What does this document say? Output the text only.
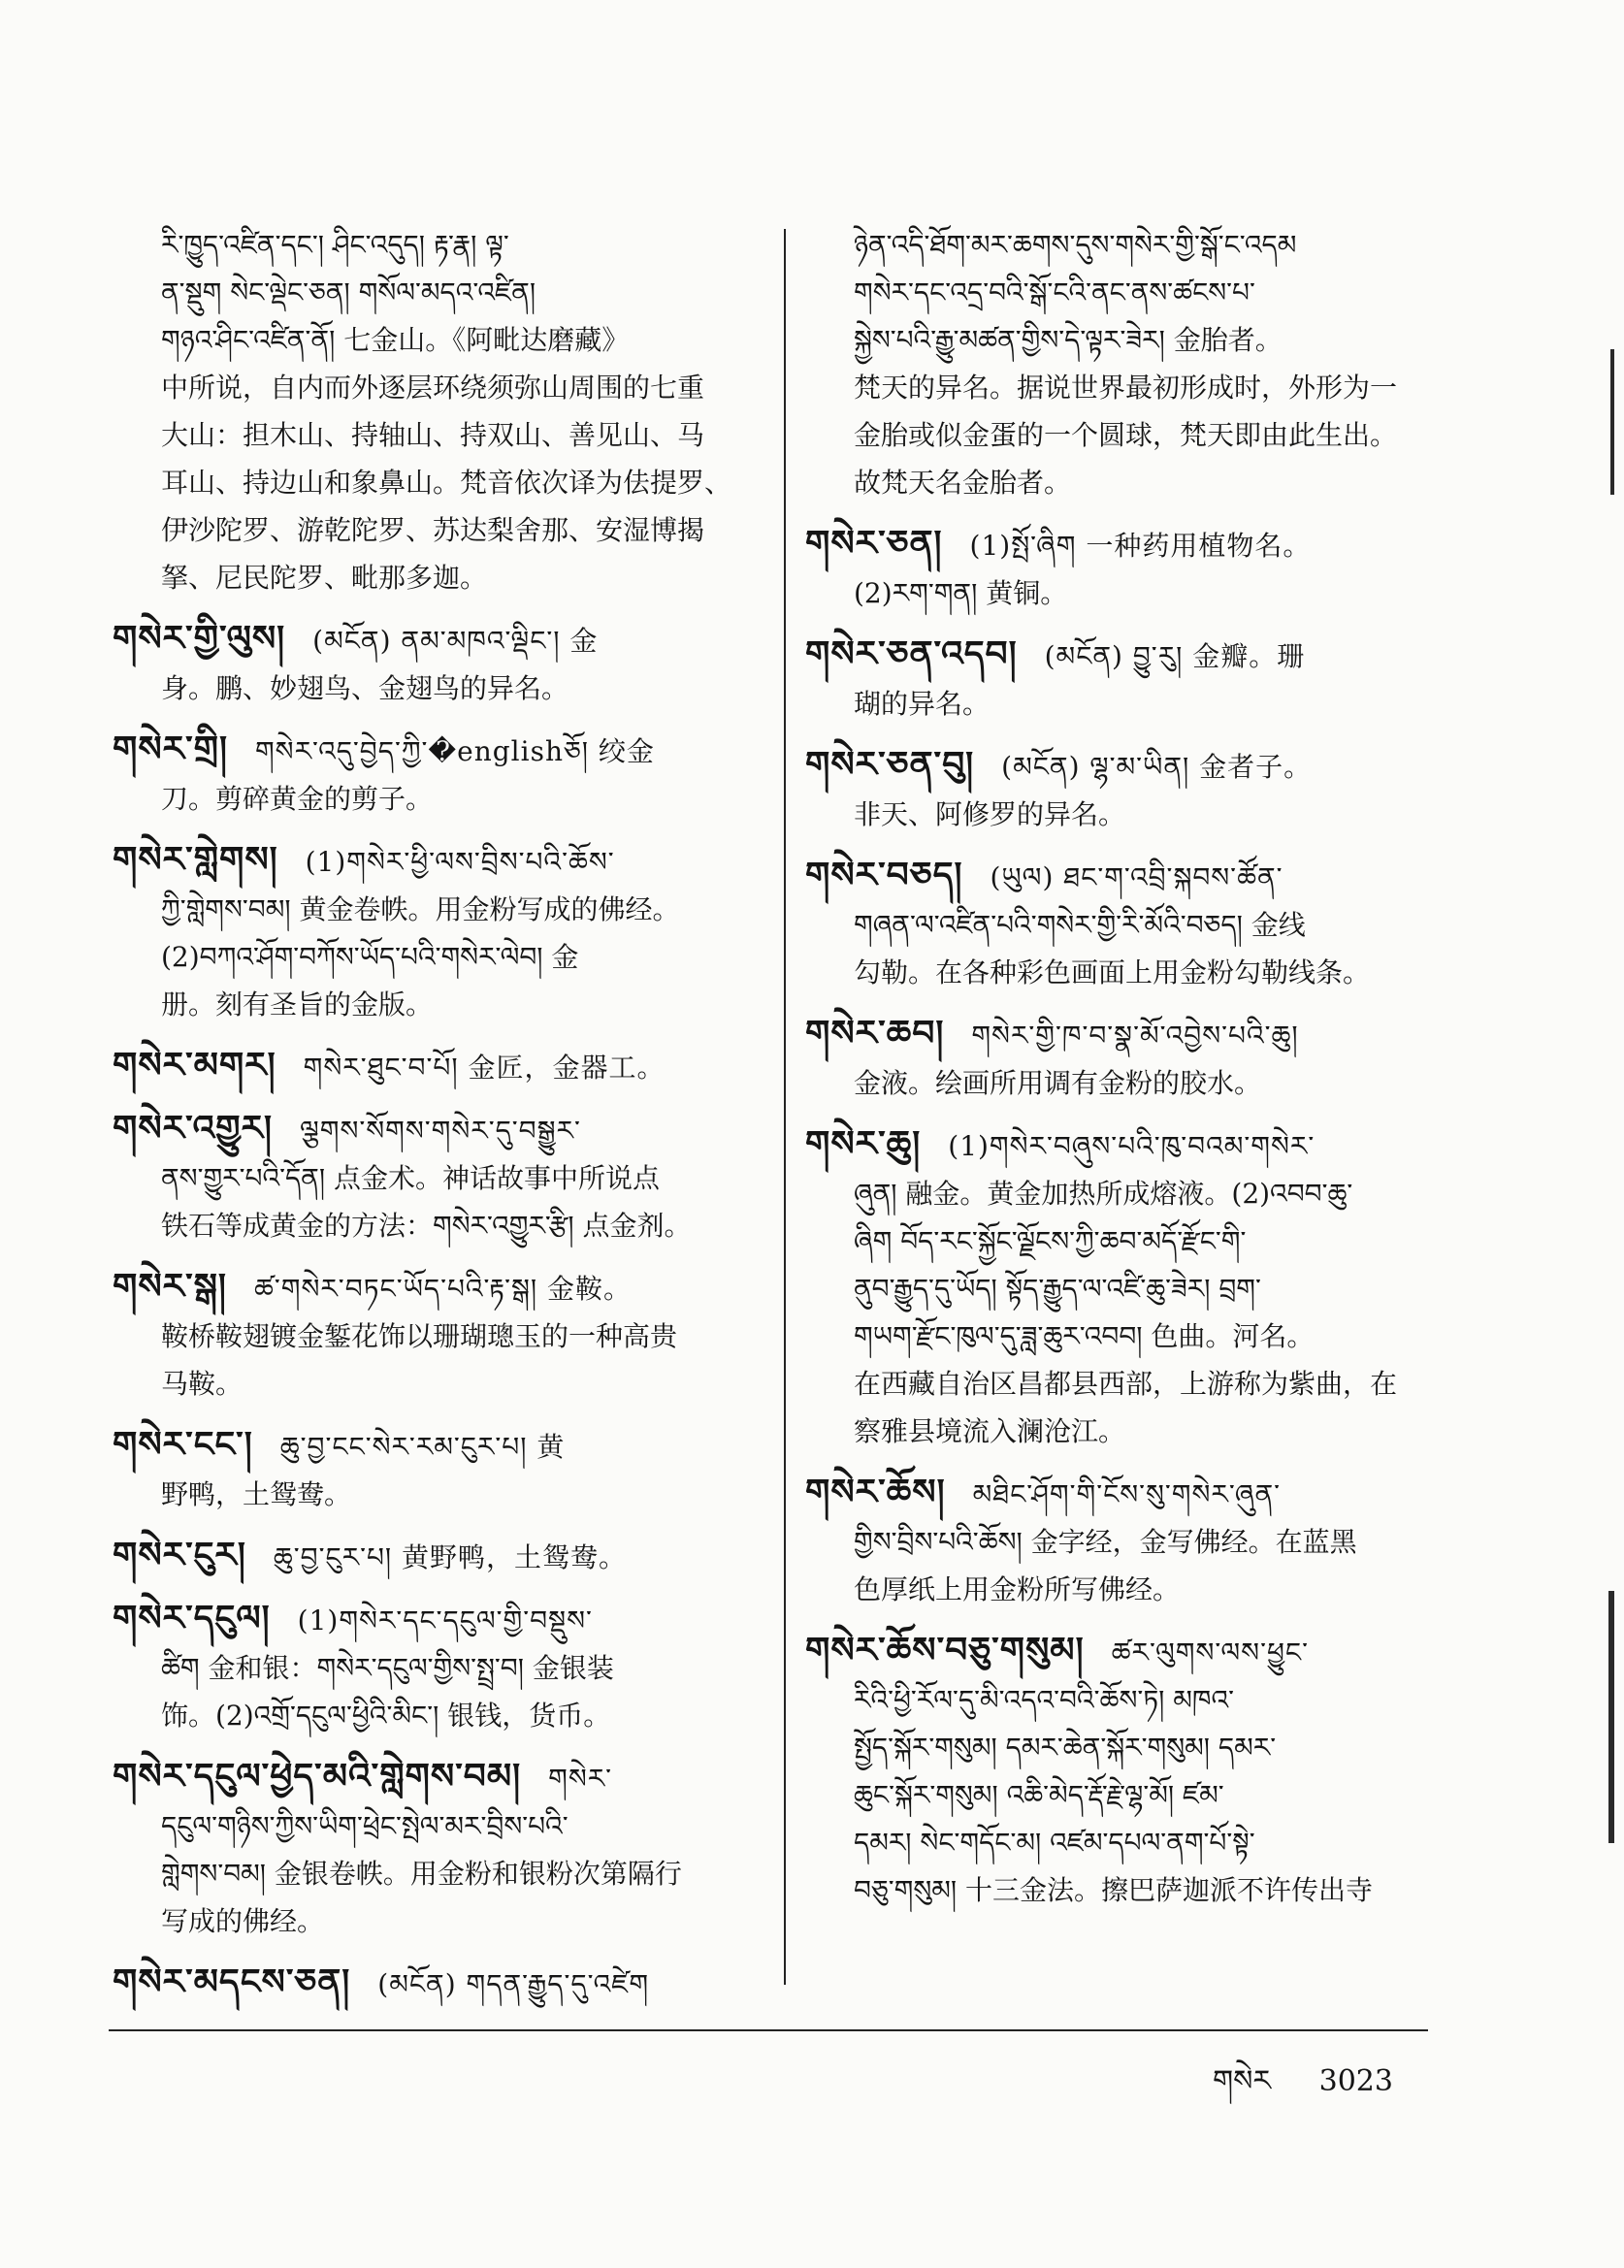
རི་ཁྱུད་འཛིན་དང་། ཤིང་འདུད། རྟ་རྣ། ལྟ་
ན་སྡུག སེང་ལྡེང་ཅན། གསོལ་མདའ་འཛིན།
གཉའ་ཤིང་འཛིན་ནོ། 七金山。《阿毗达磨藏》
中所说，自内而外逐层环绕须弥山周围的七重
大山：担木山、持轴山、持双山、善见山、马
耳山、持边山和象鼻山。梵音依次译为佉提罗、
伊沙陀罗、游乾陀罗、苏达梨舍那、安湿博揭
拏、尼民陀罗、毗那多迦。
གསེར་གྱི་ལུས།  (མངོན) ནམ་མཁའ་ལྡིང་། 金
身。鹏、妙翅鸟、金翅鸟的异名。
གསེར་གྲི།  གསེར་འདུ་བྱེད་ཀྱི་�englishཅོ། 绞金
刀。剪碎黄金的剪子。
གསེར་གླེགས།  (1)གསེར་ཕྱི་ལས་བྲིས་པའི་ཆོས་
ཀྱི་གླེགས་བམ། 黄金卷帙。用金粉写成的佛经。
(2)བཀའ་ཤོག་བཀོས་ཡོད་པའི་གསེར་ལེབ། 金
册。刻有圣旨的金版。
གསེར་མགར།  གསེར་ཐུང་བ་པོ། 金匠，金器工。
གསེར་འགྱུར།  ལྕགས་སོགས་གསེར་དུ་བསྒྱུར་
ནས་གྱུར་པའི་དོན། 点金术。神话故事中所说点
铁石等成黄金的方法：གསེར་འགྱུར་རྩི། 点金剂。
གསེར་སྒ།  ཚ་གསེར་བཏང་ཡོད་པའི་རྟ་སྒ། 金鞍。
鞍桥鞍翅镀金錾花饰以珊瑚璁玉的一种高贵
马鞍。
གསེར་ངང་།  ཆུ་བྱ་ངང་སེར་རམ་ངུར་པ། 黄
野鸭，土鸳鸯。
གསེར་ངུར།  ཆུ་བྱ་ངུར་པ། 黄野鸭，土鸳鸯。
གསེར་དངུལ།  (1)གསེར་དང་དངུལ་གྱི་བསྡུས་
ཚིག 金和银：གསེར་དངུལ་གྱིས་སྤྲ་བ། 金银装
饰。(2)འགྲོ་དངུལ་ཕྱིའི་མིང་། 银钱，货币。
གསེར་དངུལ་ཕྱེད་མའི་གླེགས་བམ།  གསེར་
དངུལ་གཉིས་ཀྱིས་ཡིག་ཕྲེང་སྤེལ་མར་བྲིས་པའི་
གླེགས་བམ། 金银卷帙。用金粉和银粉次第隔行
写成的佛经。
གསེར་མདངས་ཅན།  (མངོན) གདན་རྒྱུད་དུ་འཛེག
ཉེན་འདི་ཐོག་མར་ཆགས་དུས་གསེར་གྱི་སྒོ་ང་འདམ
གསེར་དང་འདྲ་བའི་སྒོ་ངའི་ནང་ནས་ཚངས་པ་
སྐྱེས་པའི་རྒྱུ་མཚན་གྱིས་དེ་ལྟར་ཟེར། 金胎者。
梵天的异名。据说世界最初形成时，外形为一
金胎或似金蛋的一个圆球，梵天即由此生出。
故梵天名金胎者。
གསེར་ཅན།  (1)སྤོ་ཞིག 一种药用植物名。
(2)རག་གན། 黄铜。
གསེར་ཅན་འདབ།  (མངོན) བྱུ་རུ། 金瓣。珊
瑚的异名。
གསེར་ཅན་བུ།  (མངོན) ལྷ་མ་ཡིན། 金者子。
非天、阿修罗的异名。
གསེར་བཅད།  (ཡུལ) ཐང་ག་འབྲི་སྐབས་ཚོན་
གཞན་ལ་འཛིན་པའི་གསེར་གྱི་རི་མོའི་བཅད། 金线
勾勒。在各种彩色画面上用金粉勾勒线条。
གསེར་ཆབ།  གསེར་གྱི་ཁ་བ་སྣ་མོ་འབྱེས་པའི་ཆུ།
金液。绘画所用调有金粉的胶水。
གསེར་ཆུ།  (1)གསེར་བཞུས་པའི་ཁུ་བའམ་གསེར་
ཞུན། 融金。黄金加热所成熔液。(2)འབབ་ཆུ་
ཞིག བོད་རང་སྐྱོང་ལྗོངས་ཀྱི་ཆབ་མདོ་རྫོང་གི་
ནུབ་རྒྱུད་དུ་ཡོད། སྟོད་རྒྱུད་ལ་འཛི་ཆུ་ཟེར། བྲག་
གཡག་རྫོང་ཁུལ་དུ་ཟླ་ཆུར་འབབ། 色曲。河名。
在西藏自治区昌都县西部，上游称为紫曲，在
察雅县境流入澜沧江。
གསེར་ཆོས།  མཐིང་ཤོག་གི་ངོས་སུ་གསེར་ཞུན་
གྱིས་བྲིས་པའི་ཆོས། 金字经，金写佛经。在蓝黑
色厚纸上用金粉所写佛经。
གསེར་ཆོས་བཅུ་གསུམ།  ཚར་ལུགས་ལས་ཕྱུང་
རིའི་ཕྱི་རོལ་དུ་མི་འདའ་བའི་ཆོས་ཏེ། མཁའ་
སྤྱོད་སྐོར་གསུམ། དམར་ཆེན་སྐོར་གསུམ། དམར་
ཆུང་སྐོར་གསུམ། འཆི་མེད་རྡོ་རྗེ་ལྷ་མོ། ཛམ་
དམར། སེང་གདོང་མ། འཛམ་དཔལ་ནག་པོ་སྟེ་
བཅུ་གསུམ། 十三金法。擦巴萨迦派不许传出寺
གསེར 3023
